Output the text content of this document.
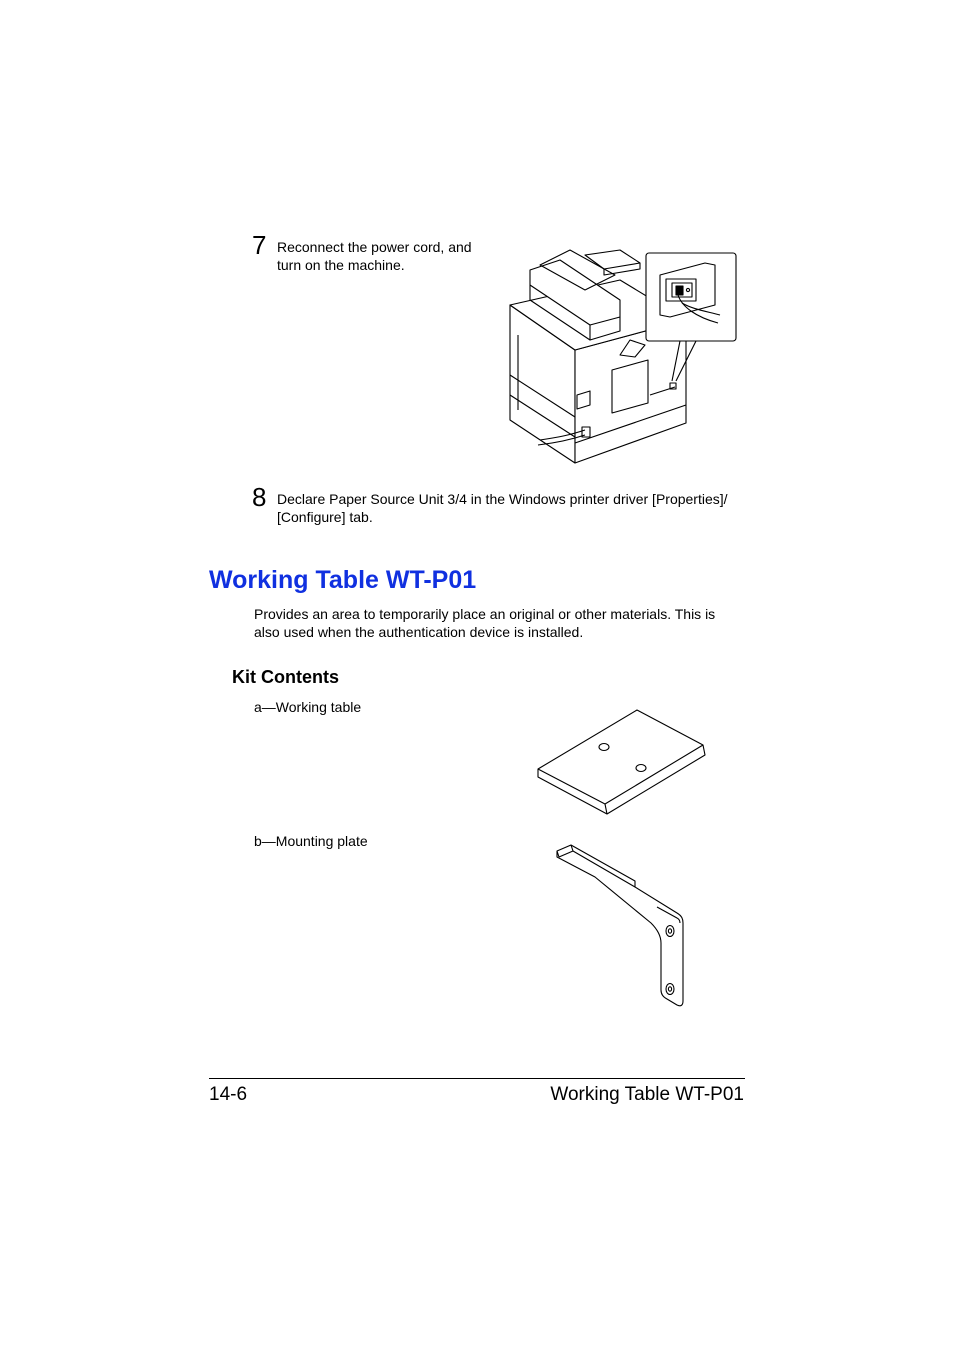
7 Reconnect the power cord, and
turn on the machine.
8 Declare Paper Source Unit 3/4 in the Windows printer driver [Properties]/
[Configure] tab.
Working Table WT-P01
Provides an area to temporarily place an original or other materials. This is
also used when the authentication device is installed.
Kit Contents
a—Working table
b—Mounting plate
14-6	Working Table WT-P01
